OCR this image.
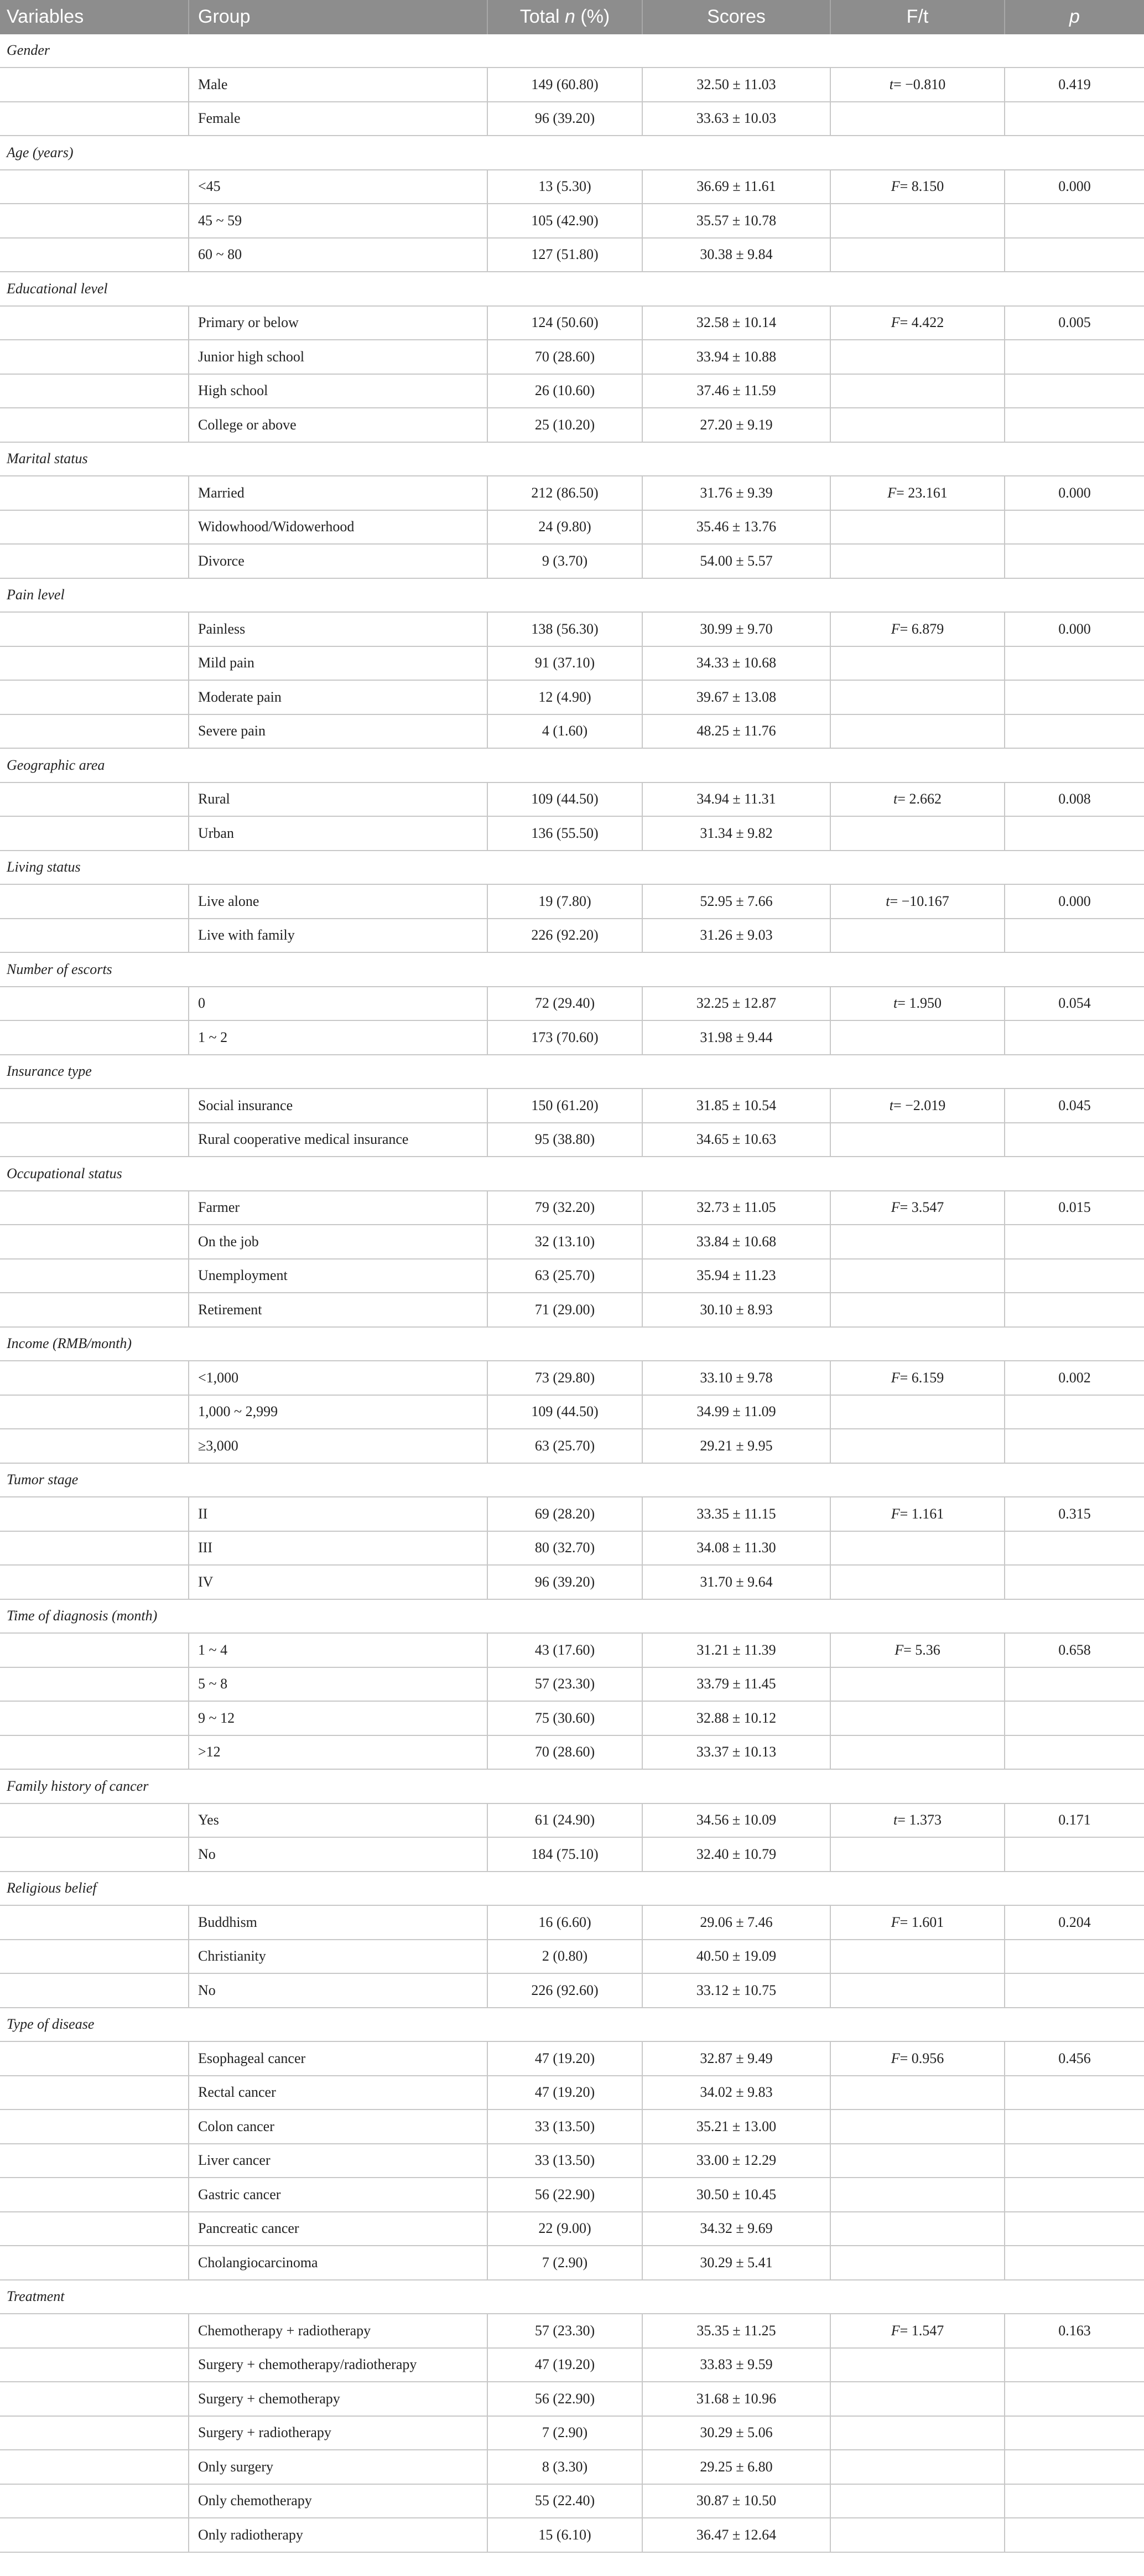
Variables	Group	Total n (%)	Scores	F/t	p
Gender
Male	149 (60.80)	32.50 ± 11.03	t = −0.810	0.419
Female	96 (39.20)	33.63 ± 10.03
Age (years)
<45	13 (5.30)	36.69 ± 11.61	F = 8.150	0.000
45 ~ 59	105 (42.90)	35.57 ± 10.78
60 ~ 80	127 (51.80)	30.38 ± 9.84
Educational level
Primary or below	124 (50.60)	32.58 ± 10.14	F = 4.422	0.005
Junior high school	70 (28.60)	33.94 ± 10.88
High school	26 (10.60)	37.46 ± 11.59
College or above	25 (10.20)	27.20 ± 9.19
Marital status
Married	212 (86.50)	31.76 ± 9.39	F = 23.161	0.000
Widowhood/Widowerhood	24 (9.80)	35.46 ± 13.76
Divorce	9 (3.70)	54.00 ± 5.57
Pain level
Painless	138 (56.30)	30.99 ± 9.70	F = 6.879	0.000
Mild pain	91 (37.10)	34.33 ± 10.68
Moderate pain	12 (4.90)	39.67 ± 13.08
Severe pain	4 (1.60)	48.25 ± 11.76
Geographic area
Rural	109 (44.50)	34.94 ± 11.31	t = 2.662	0.008
Urban	136 (55.50)	31.34 ± 9.82
Living status
Live alone	19 (7.80)	52.95 ± 7.66	t = −10.167	0.000
Live with family	226 (92.20)	31.26 ± 9.03
Number of escorts
0	72 (29.40)	32.25 ± 12.87	t = 1.950	0.054
1 ~ 2	173 (70.60)	31.98 ± 9.44
Insurance type
Social insurance	150 (61.20)	31.85 ± 10.54	t = −2.019	0.045
Rural cooperative medical insurance	95 (38.80)	34.65 ± 10.63
Occupational status
Farmer	79 (32.20)	32.73 ± 11.05	F = 3.547	0.015
On the job	32 (13.10)	33.84 ± 10.68
Unemployment	63 (25.70)	35.94 ± 11.23
Retirement	71 (29.00)	30.10 ± 8.93
Income (RMB/month)
<1,000	73 (29.80)	33.10 ± 9.78	F = 6.159	0.002
1,000 ~ 2,999	109 (44.50)	34.99 ± 11.09
≥3,000	63 (25.70)	29.21 ± 9.95
Tumor stage
II	69 (28.20)	33.35 ± 11.15	F = 1.161	0.315
III	80 (32.70)	34.08 ± 11.30
IV	96 (39.20)	31.70 ± 9.64
Time of diagnosis (month)
1 ~ 4	43 (17.60)	31.21 ± 11.39	F = 5.36	0.658
5 ~ 8	57 (23.30)	33.79 ± 11.45
9 ~ 12	75 (30.60)	32.88 ± 10.12
>12	70 (28.60)	33.37 ± 10.13
Family history of cancer
Yes	61 (24.90)	34.56 ± 10.09	t = 1.373	0.171
No	184 (75.10)	32.40 ± 10.79
Religious belief
Buddhism	16 (6.60)	29.06 ± 7.46	F = 1.601	0.204
Christianity	2 (0.80)	40.50 ± 19.09
No	226 (92.60)	33.12 ± 10.75
Type of disease
Esophageal cancer	47 (19.20)	32.87 ± 9.49	F = 0.956	0.456
Rectal cancer	47 (19.20)	34.02 ± 9.83
Colon cancer	33 (13.50)	35.21 ± 13.00
Liver cancer	33 (13.50)	33.00 ± 12.29
Gastric cancer	56 (22.90)	30.50 ± 10.45
Pancreatic cancer	22 (9.00)	34.32 ± 9.69
Cholangiocarcinoma	7 (2.90)	30.29 ± 5.41
Treatment
Chemotherapy + radiotherapy	57 (23.30)	35.35 ± 11.25	F = 1.547	0.163
Surgery + chemotherapy/radiotherapy	47 (19.20)	33.83 ± 9.59
Surgery + chemotherapy	56 (22.90)	31.68 ± 10.96
Surgery + radiotherapy	7 (2.90)	30.29 ± 5.06
Only surgery	8 (3.30)	29.25 ± 6.80
Only chemotherapy	55 (22.40)	30.87 ± 10.50
Only radiotherapy	15 (6.10)	36.47 ± 12.64
